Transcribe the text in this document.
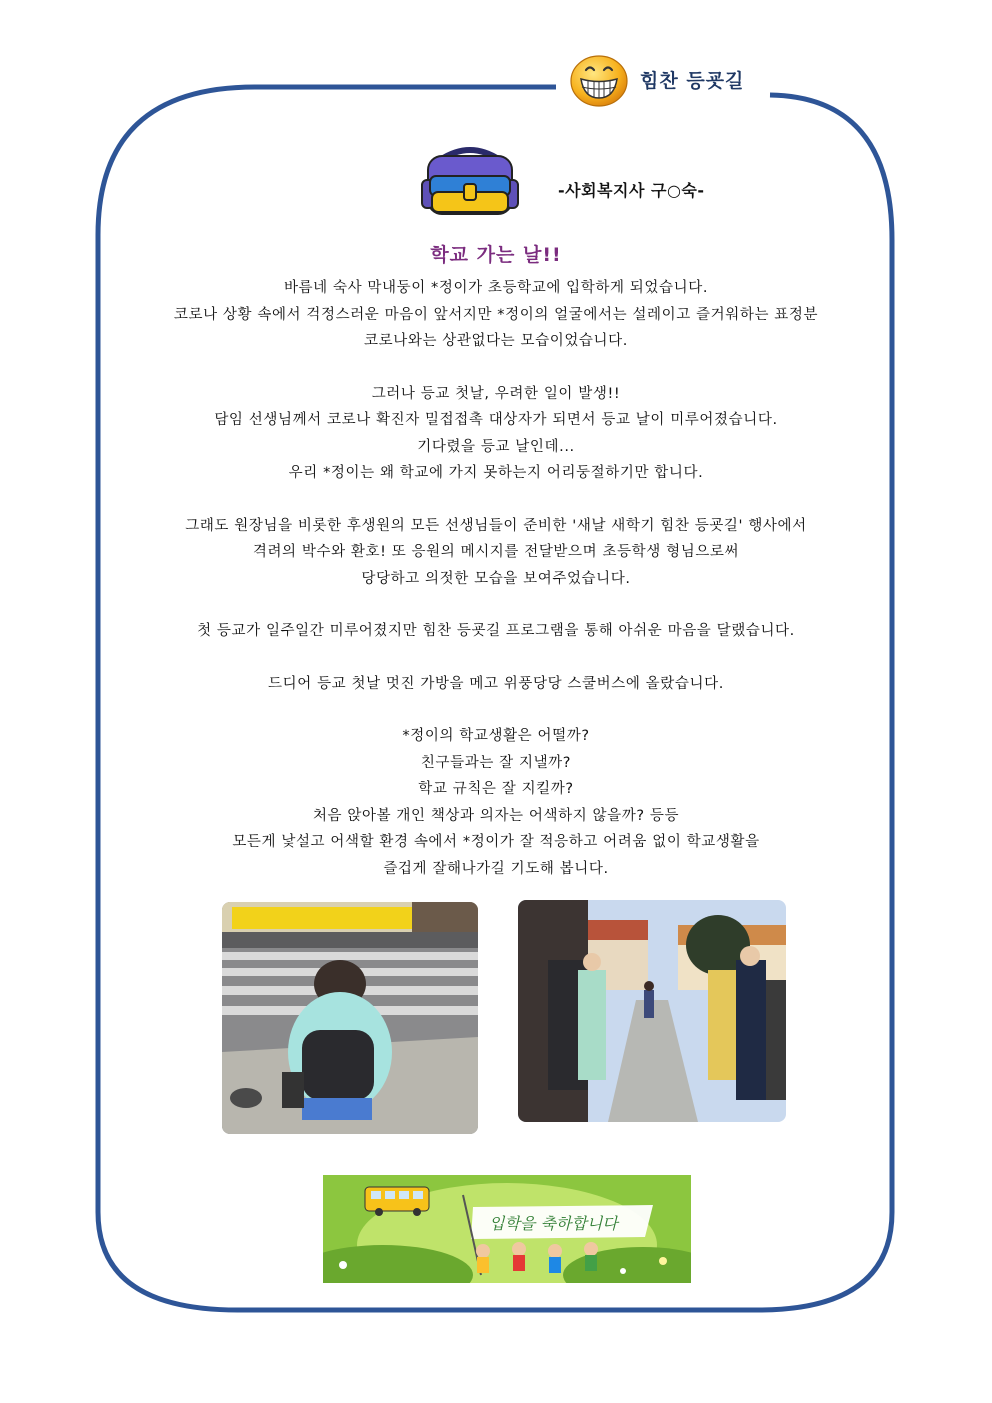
힘찬 등굣길
-사회복지사 구○숙-
학교 가는 날!!
바름네 숙사 막내둥이 *정이가 초등학교에 입학하게 되었습니다.
코로나 상황 속에서 걱정스러운 마음이 앞서지만 *정이의 얼굴에서는 설레이고 즐거워하는 표정분
코로나와는 상관없다는 모습이었습니다.
그러나 등교 첫날, 우려한 일이 발생!!
담임 선생님께서 코로나 확진자 밀접접촉 대상자가 되면서 등교 날이 미루어졌습니다.
기다렸을 등교 날인데...
우리 *정이는 왜 학교에 가지 못하는지 어리둥절하기만 합니다.
그래도 원장님을 비롯한 후생원의 모든 선생님들이 준비한 '새날 새학기 힘찬 등굣길' 행사에서
격려의 박수와 환호! 또 응원의 메시지를 전달받으며 초등학생 형님으로써
당당하고 의젓한 모습을 보여주었습니다.
첫 등교가 일주일간 미루어졌지만 힘찬 등굣길 프로그램을 통해 아쉬운 마음을 달랬습니다.
드디어 등교 첫날 멋진 가방을 메고 위풍당당 스쿨버스에 올랐습니다.
*정이의 학교생활은 어떨까?
친구들과는 잘 지낼까?
학교 규칙은 잘 지킬까?
처음 앉아볼 개인 책상과 의자는 어색하지 않을까? 등등
모든게 낯설고 어색할 환경 속에서 *정이가 잘 적응하고 어려움 없이 학교생활을
즐겁게 잘해나가길 기도해 봅니다.
입학을 축하합니다
